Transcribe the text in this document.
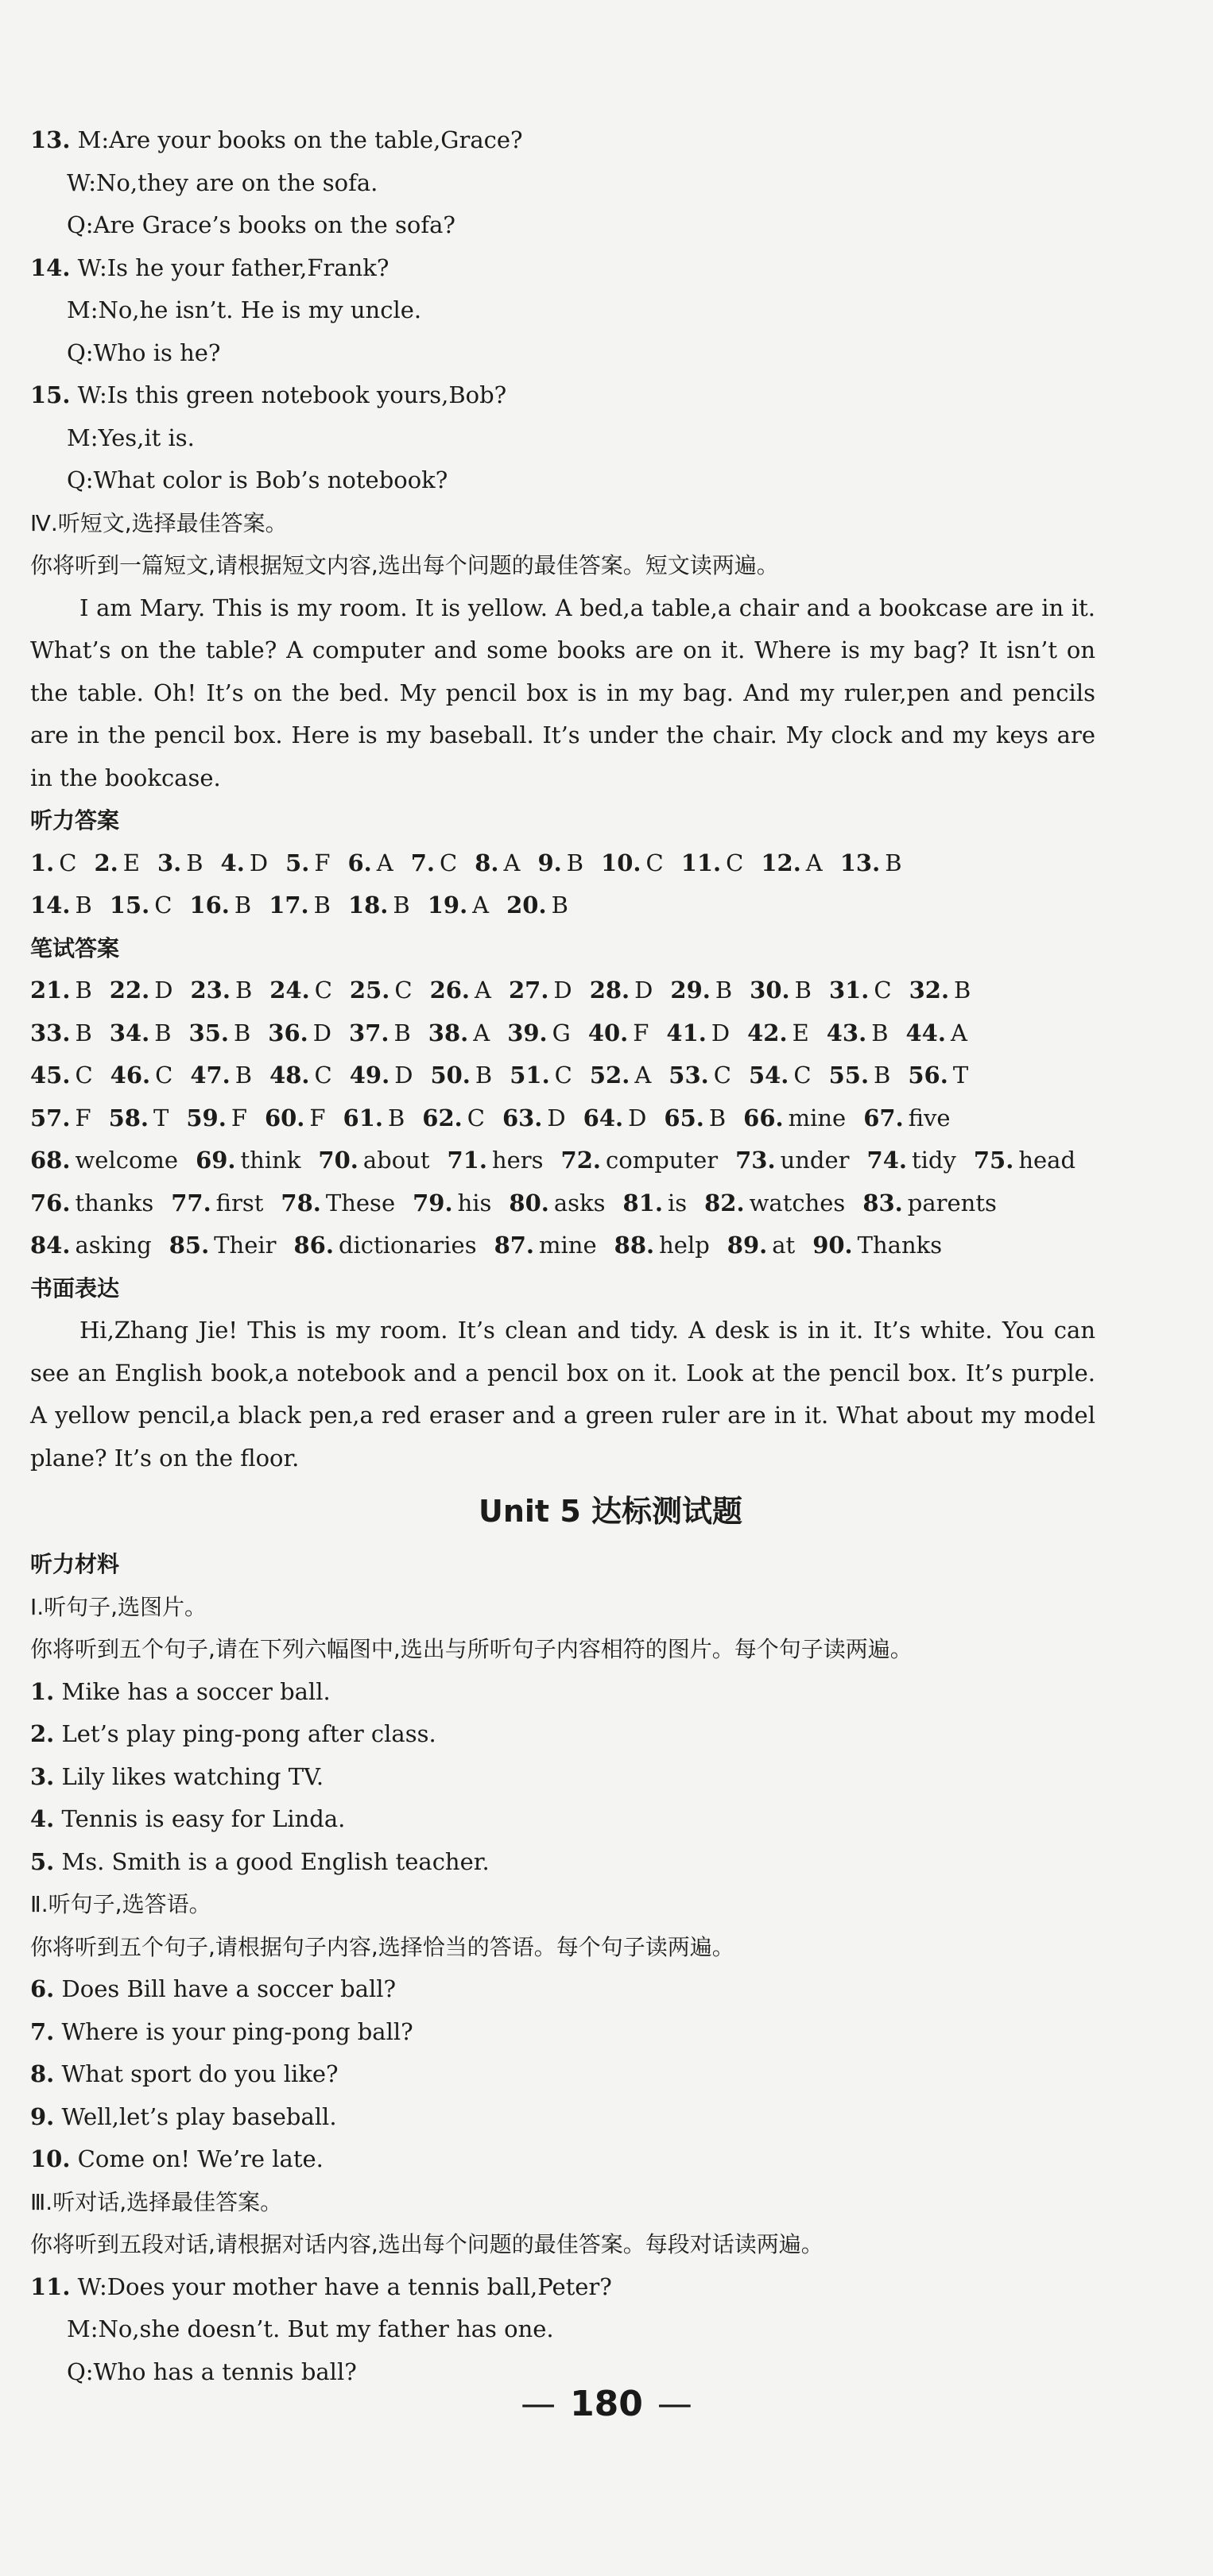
13. M:Are your books on the table,Grace?
W:No,they are on the sofa.
Q:Are Grace’s books on the sofa?
14. W:Is he your father,Frank?
M:No,he isn’t. He is my uncle.
Q:Who is he?
15. W:Is this green notebook yours,Bob?
M:Yes,it is.
Q:What color is Bob’s notebook?
Ⅳ.听短文,选择最佳答案。
你将听到一篇短文,请根据短文内容,选出每个问题的最佳答案。短文读两遍。
I am Mary. This is my room. It is yellow. A bed,a table,a chair and a bookcase are in it. What’s on the table? A computer and some books are on it. Where is my bag? It isn’t on the table. Oh! It’s on the bed. My pencil box is in my bag. And my ruler,pen and pencils are in the pencil box. Here is my baseball. It’s under the chair. My clock and my keys are in the bookcase.
听力答案
1. C 2. E 3. B 4. D 5. F 6. A 7. C 8. A 9. B 10. C 11. C 12. A 13. B
14. B 15. C 16. B 17. B 18. B 19. A 20. B
笔试答案
21. B 22. D 23. B 24. C 25. C 26. A 27. D 28. D 29. B 30. B 31. C 32. B
33. B 34. B 35. B 36. D 37. B 38. A 39. G 40. F 41. D 42. E 43. B 44. A
45. C 46. C 47. B 48. C 49. D 50. B 51. C 52. A 53. C 54. C 55. B 56. T
57. F 58. T 59. F 60. F 61. B 62. C 63. D 64. D 65. B 66. mine 67. five
68. welcome 69. think 70. about 71. hers 72. computer 73. under 74. tidy 75. head
76. thanks 77. first 78. These 79. his 80. asks 81. is 82. watches 83. parents
84. asking 85. Their 86. dictionaries 87. mine 88. help 89. at 90. Thanks
书面表达
Hi,Zhang Jie! This is my room. It’s clean and tidy. A desk is in it. It’s white. You can see an English book,a notebook and a pencil box on it. Look at the pencil box. It’s purple. A yellow pencil,a black pen,a red eraser and a green ruler are in it. What about my model plane? It’s on the floor.
Unit 5 达标测试题
听力材料
Ⅰ.听句子,选图片。
你将听到五个句子,请在下列六幅图中,选出与所听句子内容相符的图片。每个句子读两遍。
1. Mike has a soccer ball.
2. Let’s play ping-pong after class.
3. Lily likes watching TV.
4. Tennis is easy for Linda.
5. Ms. Smith is a good English teacher.
Ⅱ.听句子,选答语。
你将听到五个句子,请根据句子内容,选择恰当的答语。每个句子读两遍。
6. Does Bill have a soccer ball?
7. Where is your ping-pong ball?
8. What sport do you like?
9. Well,let’s play baseball.
10. Come on! We’re late.
Ⅲ.听对话,选择最佳答案。
你将听到五段对话,请根据对话内容,选出每个问题的最佳答案。每段对话读两遍。
11. W:Does your mother have a tennis ball,Peter?
M:No,she doesn’t. But my father has one.
Q:Who has a tennis ball?
— 180 —
